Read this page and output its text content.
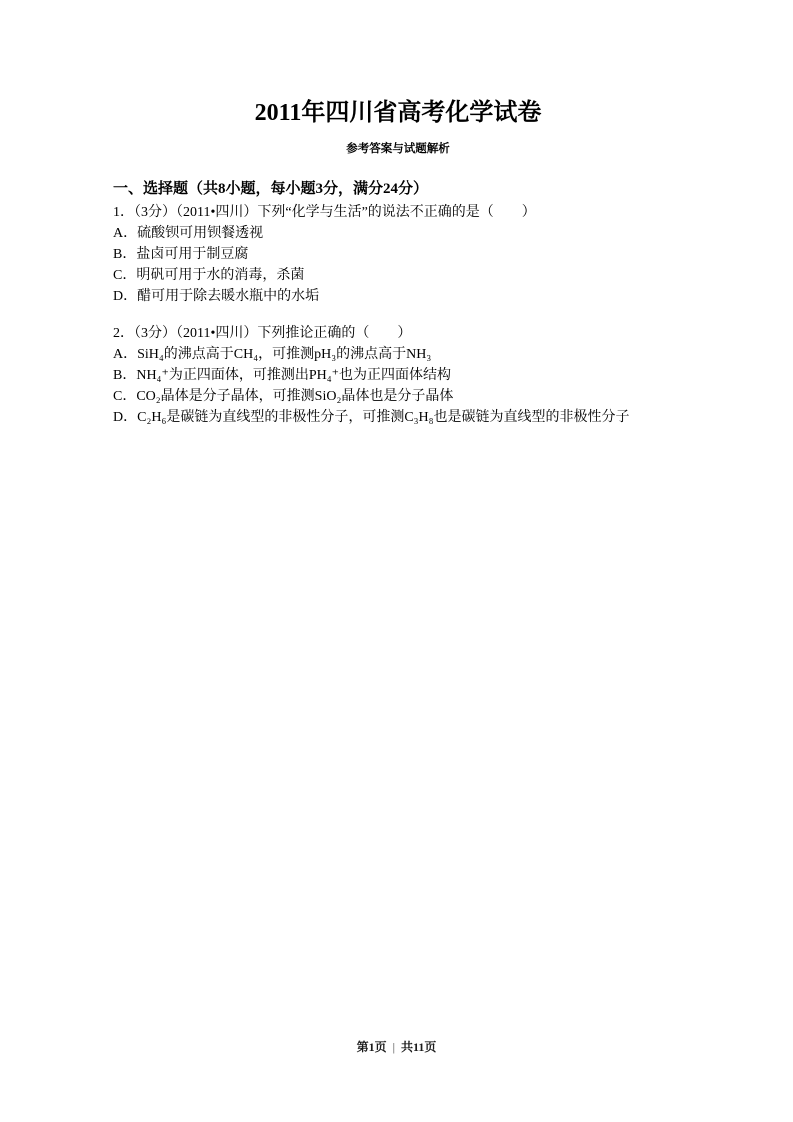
2011年四川省高考化学试卷
参考答案与试题解析
一、选择题（共8小题，每小题3分，满分24分）
1．（3分）（2011•四川）下列“化学与生活”的说法不正确的是（　　）
A．硫酸钡可用钡餐透视
B．盐卤可用于制豆腐
C．明矾可用于水的消毒，杀菌
D．醋可用于除去暖水瓶中的水垢
2．（3分）（2011•四川）下列推论正确的（　　）
A．SiH₄的沸点高于CH₄，可推测pH₃的沸点高于NH₃
B．NH₄⁺为正四面体，可推测出PH₄⁺也为正四面体结构
C．CO₂晶体是分子晶体，可推测SiO₂晶体也是分子晶体
D．C₂H₆是碳链为直线型的非极性分子，可推测C₃H₈也是碳链为直线型的非极性分子
第1页 | 共11页
